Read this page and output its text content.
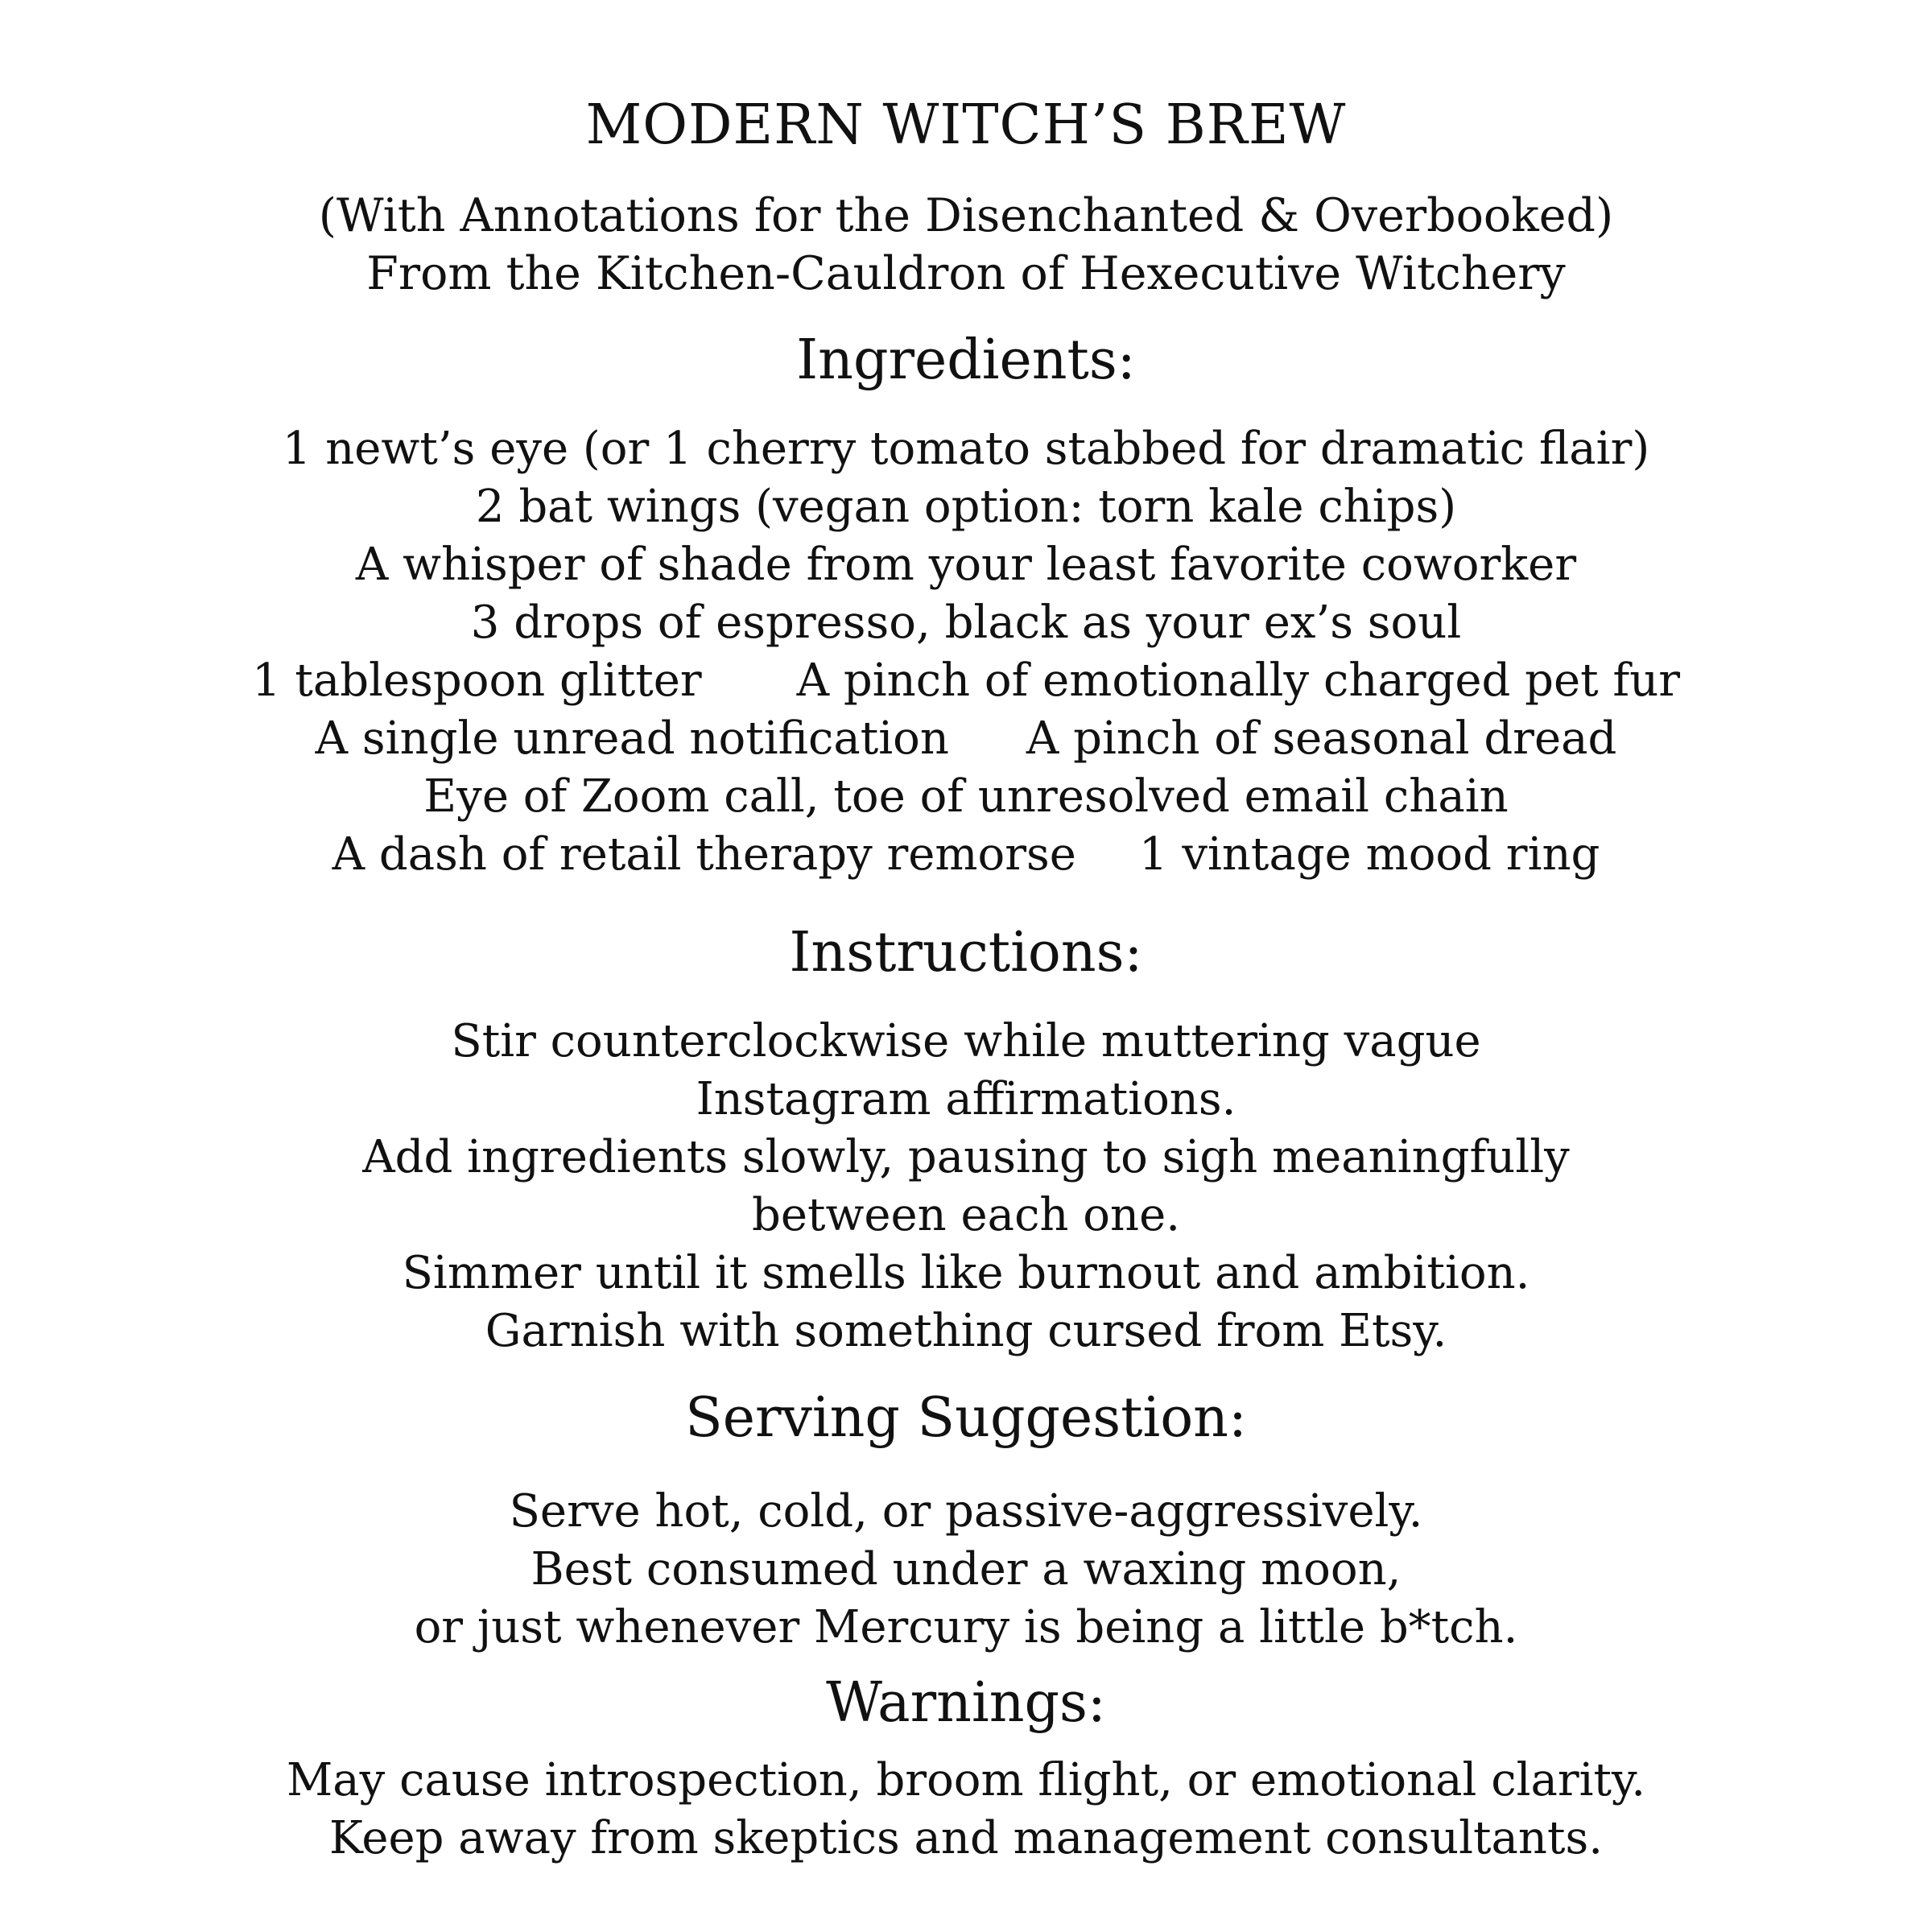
MODERN WITCH’S BREW

(With Annotations for the Disenchanted & Overbooked)

From the Kitchen-Cauldron of Hexecutive Witchery

Ingredients:

1 newt’s eye (or 1 cherry tomato stabbed for dramatic flair)

2 bat wings (vegan option: torn kale chips)

A whisper of shade from your least favorite coworker

3 drops of espresso, black as your ex’s soul

1 tablespoon glitter A pinch of emotionally charged pet fur
A single unread notification A pinch of seasonal dread

Eye of Zoom call, toe of unresolved email chain

A dash of retail therapy remorse 1 vintage mood ring
Instructions:

Stir counterclockwise while muttering vague

Instagram affirmations.

Add ingredients slowly, pausing to sigh meaningfully

between each one.

Simmer until it smells like burnout and ambition.

Garnish with something cursed from Etsy.

Serving Suggestion:

Serve hot, cold, or passive-aggressively.

Best consumed under a waxing moon,

or just whenever Mercury is being a little b*tch.

Warnings:

May cause introspection, broom flight, or emotional clarity.

Keep away from skeptics and management consultants.
